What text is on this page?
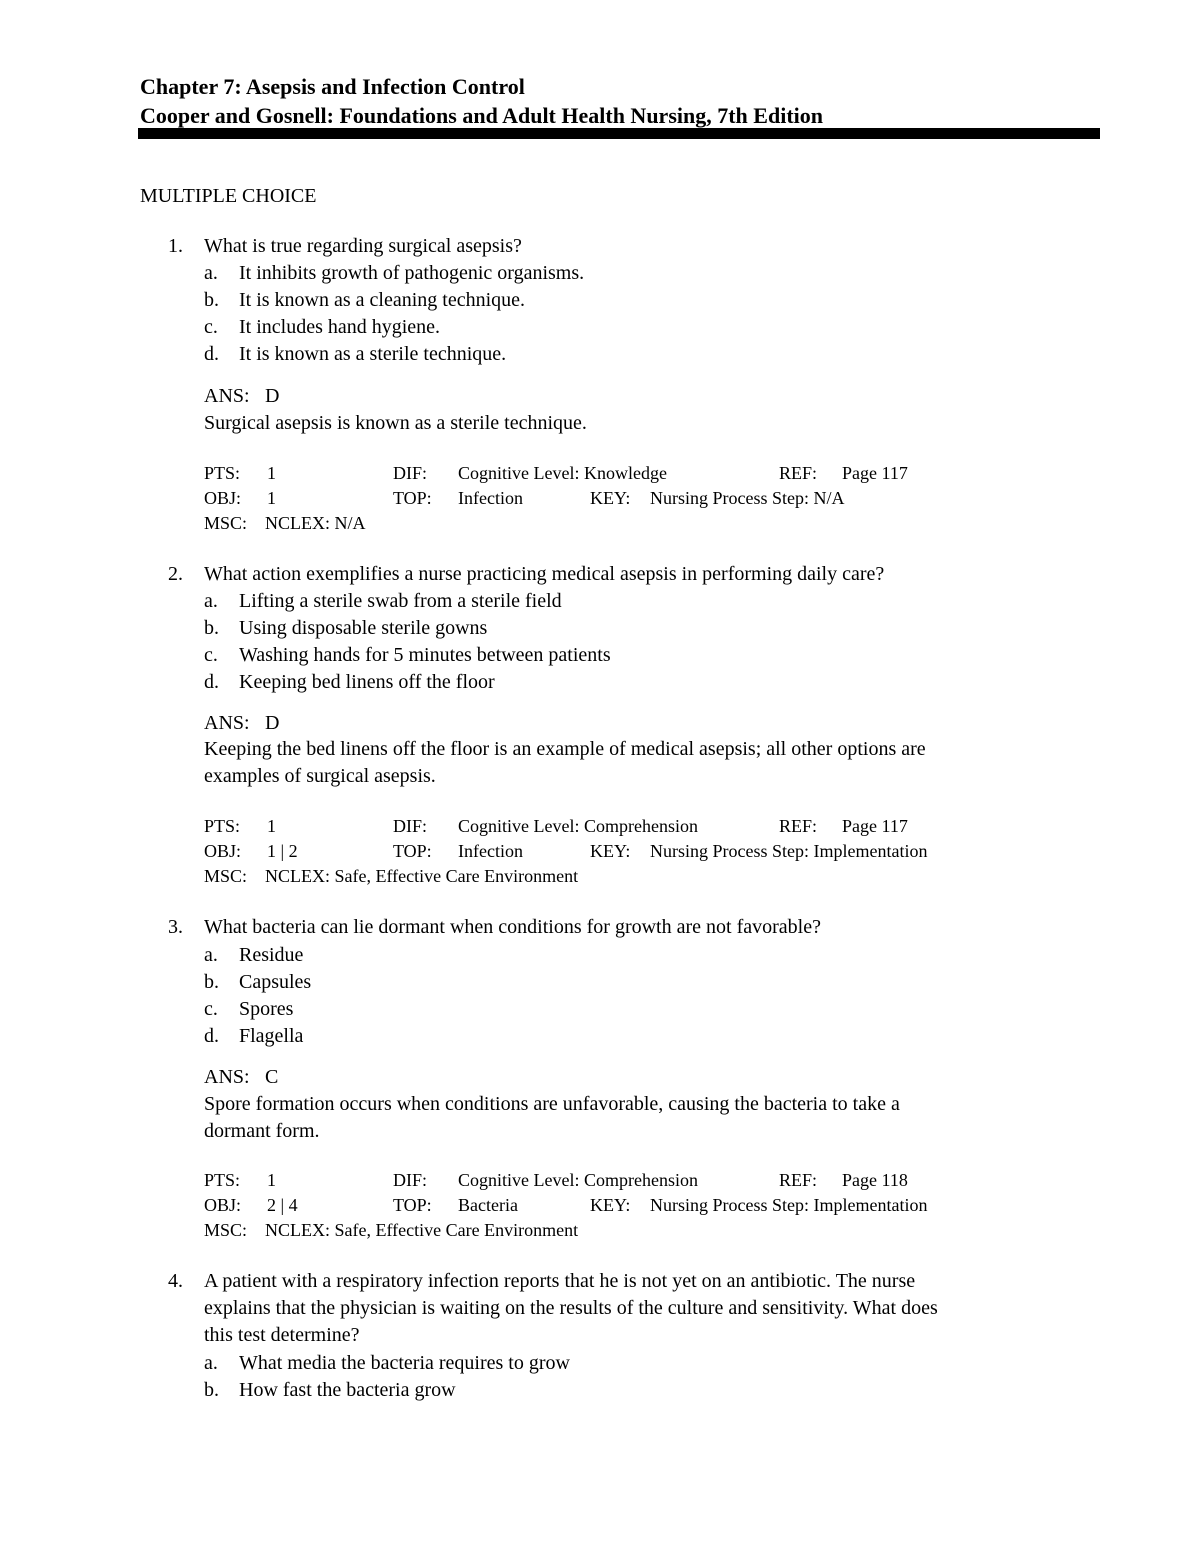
Chapter 7: Asepsis and Infection Control
Cooper and Gosnell: Foundations and Adult Health Nursing, 7th Edition
MULTIPLE CHOICE
1. What is true regarding surgical asepsis?
a. It inhibits growth of pathogenic organisms.
b. It is known as a cleaning technique.
c. It includes hand hygiene.
d. It is known as a sterile technique.
ANS: D
Surgical asepsis is known as a sterile technique.
PTS: 1	DIF: Cognitive Level: Knowledge	REF: Page 117
OBJ: 1	TOP: Infection	KEY: Nursing Process Step: N/A
MSC: NCLEX: N/A
2. What action exemplifies a nurse practicing medical asepsis in performing daily care?
a. Lifting a sterile swab from a sterile field
b. Using disposable sterile gowns
c. Washing hands for 5 minutes between patients
d. Keeping bed linens off the floor
ANS: D
Keeping the bed linens off the floor is an example of medical asepsis; all other options are
examples of surgical asepsis.
PTS: 1	DIF: Cognitive Level: Comprehension	REF: Page 117
OBJ: 1 | 2	TOP: Infection	KEY: Nursing Process Step: Implementation
MSC: NCLEX: Safe, Effective Care Environment
3. What bacteria can lie dormant when conditions for growth are not favorable?
a. Residue
b. Capsules
c. Spores
d. Flagella
ANS: C
Spore formation occurs when conditions are unfavorable, causing the bacteria to take a
dormant form.
PTS: 1	DIF: Cognitive Level: Comprehension	REF: Page 118
OBJ: 2 | 4	TOP: Bacteria	KEY: Nursing Process Step: Implementation
MSC: NCLEX: Safe, Effective Care Environment
4. A patient with a respiratory infection reports that he is not yet on an antibiotic. The nurse
explains that the physician is waiting on the results of the culture and sensitivity. What does
this test determine?
a. What media the bacteria requires to grow
b. How fast the bacteria grow
